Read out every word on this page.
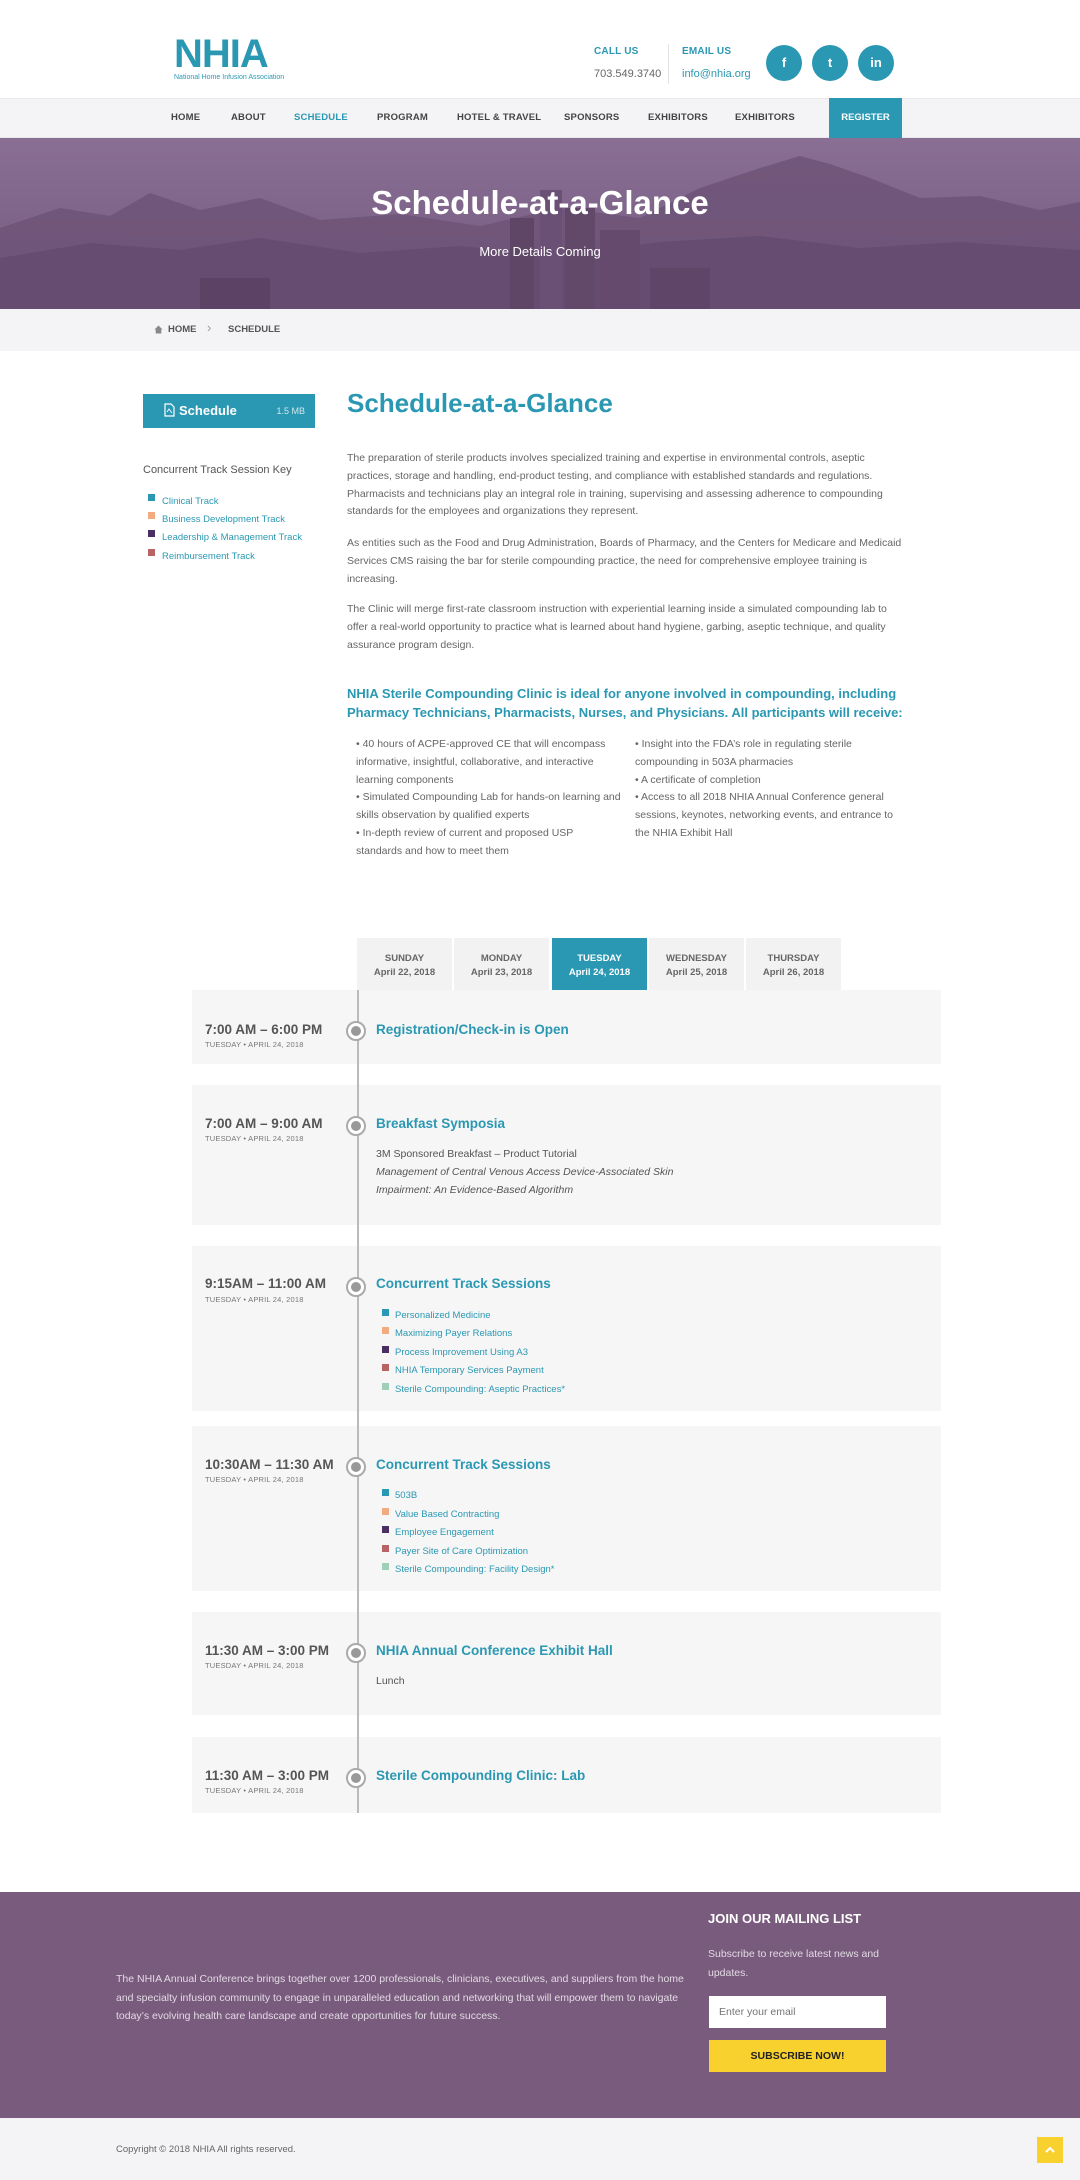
NHIA
National Home Infusion Association
CALL US
703.549.3740
EMAIL US
info@nhia.org
f	t	in
HOME	ABOUT	SCHEDULE	PROGRAM	HOTEL & TRAVEL SPONSORS	EXHIBITORS	EXHIBITORS	REGISTER
Schedule-at-a-Glance
More Details Coming
HOME › SCHEDULE
Schedule	1.5 MB
Concurrent Track Session Key
Clinical Track
Business Development Track
Leadership & Management Track
Reimbursement Track
Schedule-at-a-Glance
The preparation of sterile products involves specialized training and expertise in environmental controls, aseptic practices, storage and handling, end-product testing, and compliance with established standards and regulations. Pharmacists and technicians play an integral role in training, supervising and assessing adherence to compounding standards for the employees and organizations they represent.
As entities such as the Food and Drug Administration, Boards of Pharmacy, and the Centers for Medicare and Medicaid Services CMS raising the bar for sterile compounding practice, the need for comprehensive employee training is increasing.
The Clinic will merge first-rate classroom instruction with experiential learning inside a simulated compounding lab to offer a real-world opportunity to practice what is learned about hand hygiene, garbing, aseptic technique, and quality assurance program design.
NHIA Sterile Compounding Clinic is ideal for anyone involved in compounding, including Pharmacy Technicians, Pharmacists, Nurses, and Physicians. All participants will receive:
• 40 hours of ACPE-approved CE that will encompass informative, insightful, collaborative, and interactive learning components
• Simulated Compounding Lab for hands-on learning and skills observation by qualified experts
• In-depth review of current and proposed USP standards and how to meet them
• Insight into the FDA’s role in regulating sterile compounding in 503A pharmacies
• A certificate of completion
• Access to all 2018 NHIA Annual Conference general sessions, keynotes, networking events, and entrance to the NHIA Exhibit Hall
SUNDAY
April 22, 2018
MONDAY
April 23, 2018
TUESDAY
April 24, 2018
WEDNESDAY
April 25, 2018
THURSDAY
April 26, 2018
7:00 AM – 6:00 PM
TUESDAY • APRIL 24, 2018
Registration/Check-in is Open
7:00 AM – 9:00 AM
TUESDAY • APRIL 24, 2018
Breakfast Symposia
3M Sponsored Breakfast – Product Tutorial
Management of Central Venous Access Device-Associated Skin
Impairment: An Evidence-Based Algorithm
9:15AM – 11:00 AM
TUESDAY • APRIL 24, 2018
Concurrent Track Sessions
Personalized Medicine
Maximizing Payer Relations
Process Improvement Using A3
NHIA Temporary Services Payment
Sterile Compounding: Aseptic Practices*
10:30AM – 11:30 AM
TUESDAY • APRIL 24, 2018
Concurrent Track Sessions
503B
Value Based Contracting
Employee Engagement
Payer Site of Care Optimization
Sterile Compounding: Facility Design*
11:30 AM – 3:00 PM
TUESDAY • APRIL 24, 2018
NHIA Annual Conference Exhibit Hall
Lunch
11:30 AM – 3:00 PM
TUESDAY • APRIL 24, 2018
Sterile Compounding Clinic: Lab
The NHIA Annual Conference brings together over 1200 professionals, clinicians, executives, and suppliers from the home and specialty infusion community to engage in unparalleled education and networking that will empower them to navigate today’s evolving health care landscape and create opportunities for future success.
JOIN OUR MAILING LIST
Subscribe to receive latest news and updates.
Enter your email
SUBSCRIBE NOW!
Copyright © 2018 NHIA All rights reserved.
